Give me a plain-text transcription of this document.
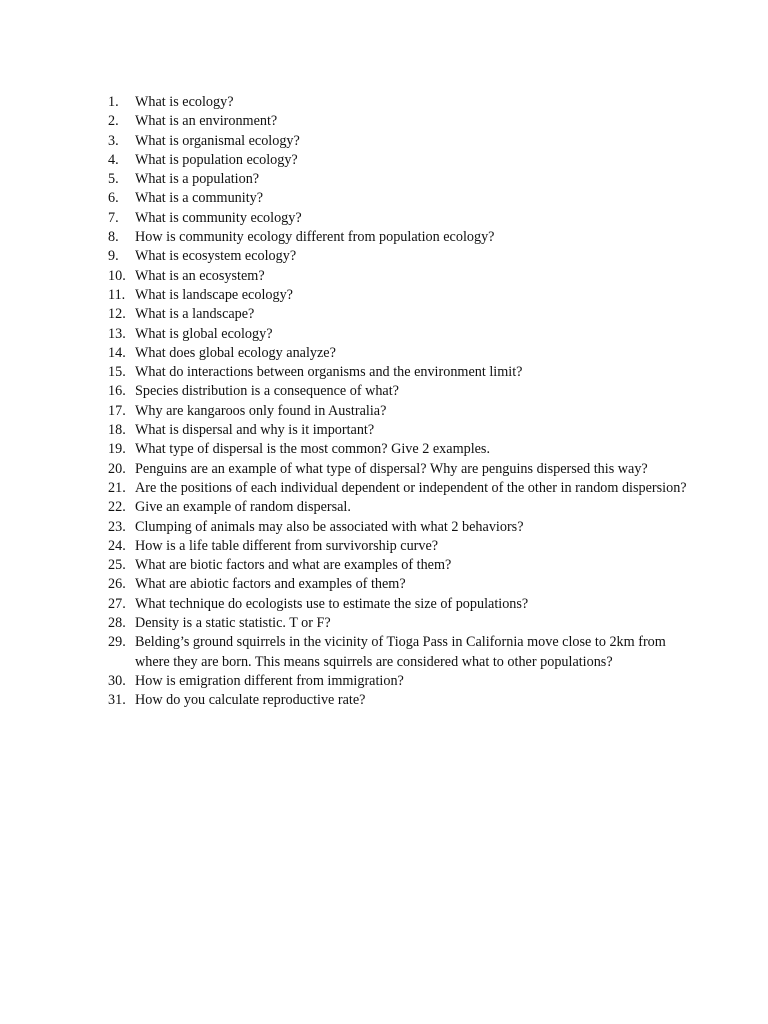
1.	What is ecology?
2.	What is an environment?
3.	What is organismal ecology?
4.	What is population ecology?
5.	What is a population?
6.	What is a community?
7.	What is community ecology?
8.	How is community ecology different from population ecology?
9.	What is ecosystem ecology?
10. What is an ecosystem?
11. What is landscape ecology?
12. What is a landscape?
13. What is global ecology?
14. What does global ecology analyze?
15. What do interactions between organisms and the environment limit?
16. Species distribution is a consequence of what?
17. Why are kangaroos only found in Australia?
18. What is dispersal and why is it important?
19. What type of dispersal is the most common? Give 2 examples.
20. Penguins are an example of what type of dispersal? Why are penguins dispersed this way?
21. Are the positions of each individual dependent or independent of the other in random dispersion?
22. Give an example of random dispersal.
23. Clumping of animals may also be associated with what 2 behaviors?
24. How is a life table different from survivorship curve?
25. What are biotic factors and what are examples of them?
26. What are abiotic factors and examples of them?
27. What technique do ecologists use to estimate the size of populations?
28. Density is a static statistic. T or F?
29. Belding’s ground squirrels in the vicinity of Tioga Pass in California move close to 2km from where they are born. This means squirrels are considered what to other populations?
30. How is emigration different from immigration?
31. How do you calculate reproductive rate?
